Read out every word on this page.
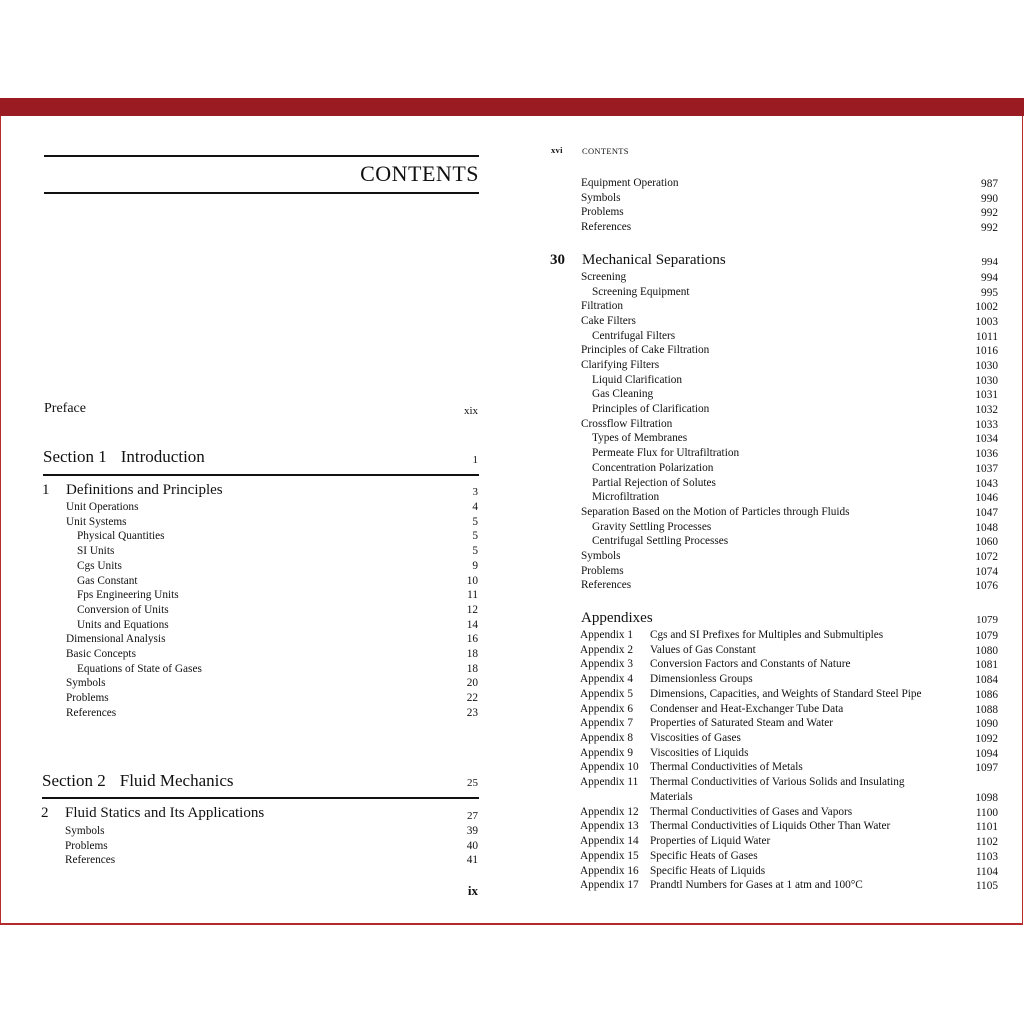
CONTENTS
Preface	xix
Section 1 Introduction	1
1 Definitions and Principles	3
Unit Operations	4
Unit Systems	5
Physical Quantities	5
SI Units	5
Cgs Units	9
Gas Constant	10
Fps Engineering Units	11
Conversion of Units	12
Units and Equations	14
Dimensional Analysis	16
Basic Concepts	18
Equations of State of Gases	18
Symbols	20
Problems	22
References	23
Section 2 Fluid Mechanics	25
2 Fluid Statics and Its Applications	27
Symbols	39
Problems	40
References	41
ix
xvi CONTENTS
Equipment Operation	987
Symbols	990
Problems	992
References	992
30 Mechanical Separations	994
Screening	994
Screening Equipment	995
Filtration	1002
Cake Filters	1003
Centrifugal Filters	1011
Principles of Cake Filtration	1016
Clarifying Filters	1030
Liquid Clarification	1030
Gas Cleaning	1031
Principles of Clarification	1032
Crossflow Filtration	1033
Types of Membranes	1034
Permeate Flux for Ultrafiltration	1036
Concentration Polarization	1037
Partial Rejection of Solutes	1043
Microfiltration	1046
Separation Based on the Motion of Particles through Fluids	1047
Gravity Settling Processes	1048
Centrifugal Settling Processes	1060
Symbols	1072
Problems	1074
References	1076
Appendixes	1079
Appendix 1 Cgs and SI Prefixes for Multiples and Submultiples	1079
Appendix 2 Values of Gas Constant	1080
Appendix 3 Conversion Factors and Constants of Nature	1081
Appendix 4 Dimensionless Groups	1084
Appendix 5 Dimensions, Capacities, and Weights of Standard Steel Pipe	1086
Appendix 6 Condenser and Heat-Exchanger Tube Data	1088
Appendix 7 Properties of Saturated Steam and Water	1090
Appendix 8 Viscosities of Gases	1092
Appendix 9 Viscosities of Liquids	1094
Appendix 10 Thermal Conductivities of Metals	1097
Appendix 11 Thermal Conductivities of Various Solids and Insulating
Materials	1098
Appendix 12 Thermal Conductivities of Gases and Vapors	1100
Appendix 13 Thermal Conductivities of Liquids Other Than Water	1101
Appendix 14 Properties of Liquid Water	1102
Appendix 15 Specific Heats of Gases	1103
Appendix 16 Specific Heats of Liquids	1104
Appendix 17 Prandtl Numbers for Gases at 1 atm and 100°C	1105
